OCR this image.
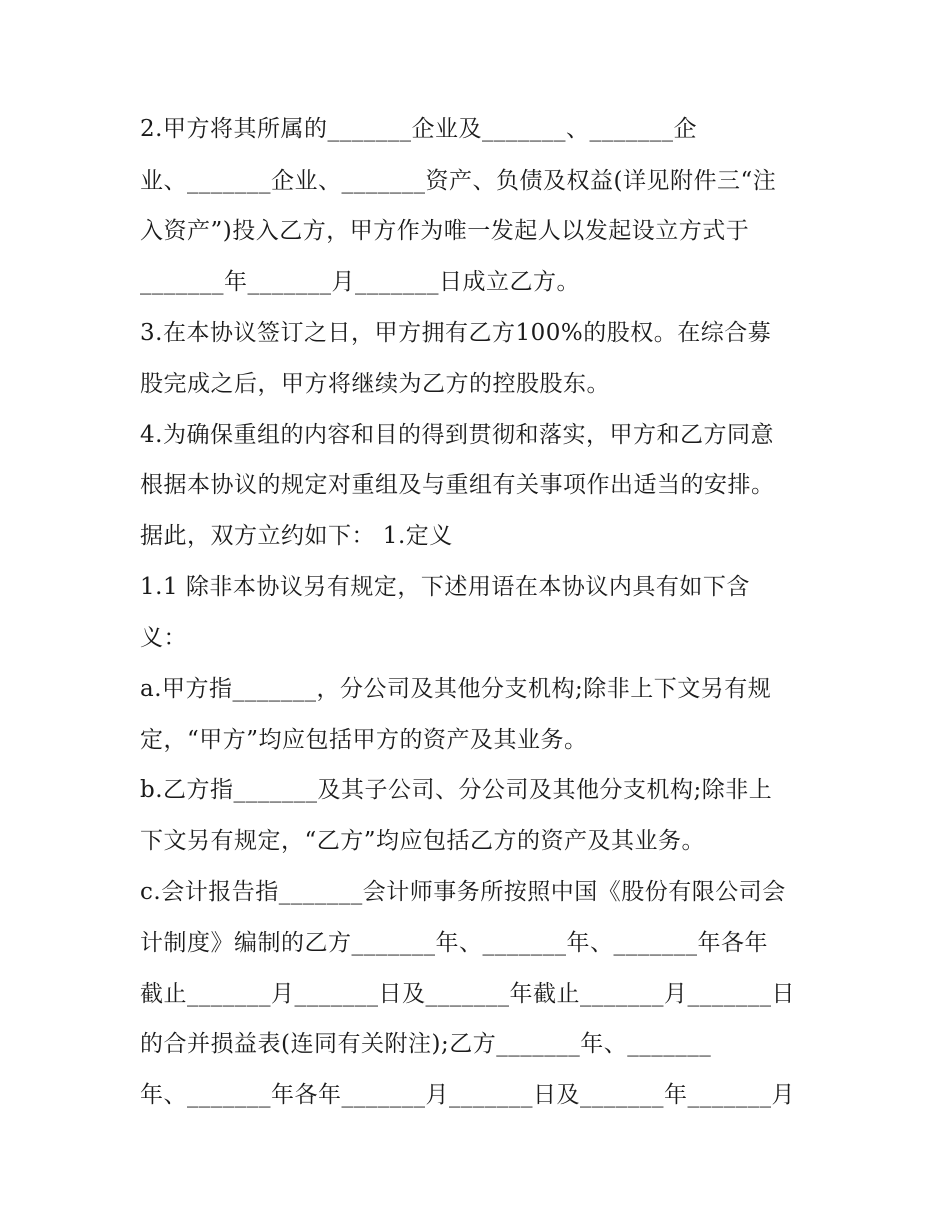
2.甲方将其所属的_______企业及_______、_______企

业、_______企业、_______资产、负债及权益(详见附件三“注

入资产”)投入乙方，甲方作为唯一发起人以发起设立方式于

_______年_______月_______日成立乙方。

3.在本协议签订之日，甲方拥有乙方100%的股权。在综合募

股完成之后，甲方将继续为乙方的控股股东。

4.为确保重组的内容和目的得到贯彻和落实，甲方和乙方同意

根据本协议的规定对重组及与重组有关事项作出适当的安排。

据此，双方立约如下： 1.定义

1.1 除非本协议另有规定，下述用语在本协议内具有如下含

义：

a.甲方指_______，分公司及其他分支机构;除非上下文另有规

定，“甲方”均应包括甲方的资产及其业务。

b.乙方指_______及其子公司、分公司及其他分支机构;除非上

下文另有规定，“乙方”均应包括乙方的资产及其业务。

c.会计报告指_______会计师事务所按照中国《股份有限公司会

计制度》编制的乙方_______年、_______年、_______年各年

截止_______月_______日及_______年截止_______月_______日

的合并损益表(连同有关附注);乙方_______年、_______

年、_______年各年_______月_______日及_______年_______月
